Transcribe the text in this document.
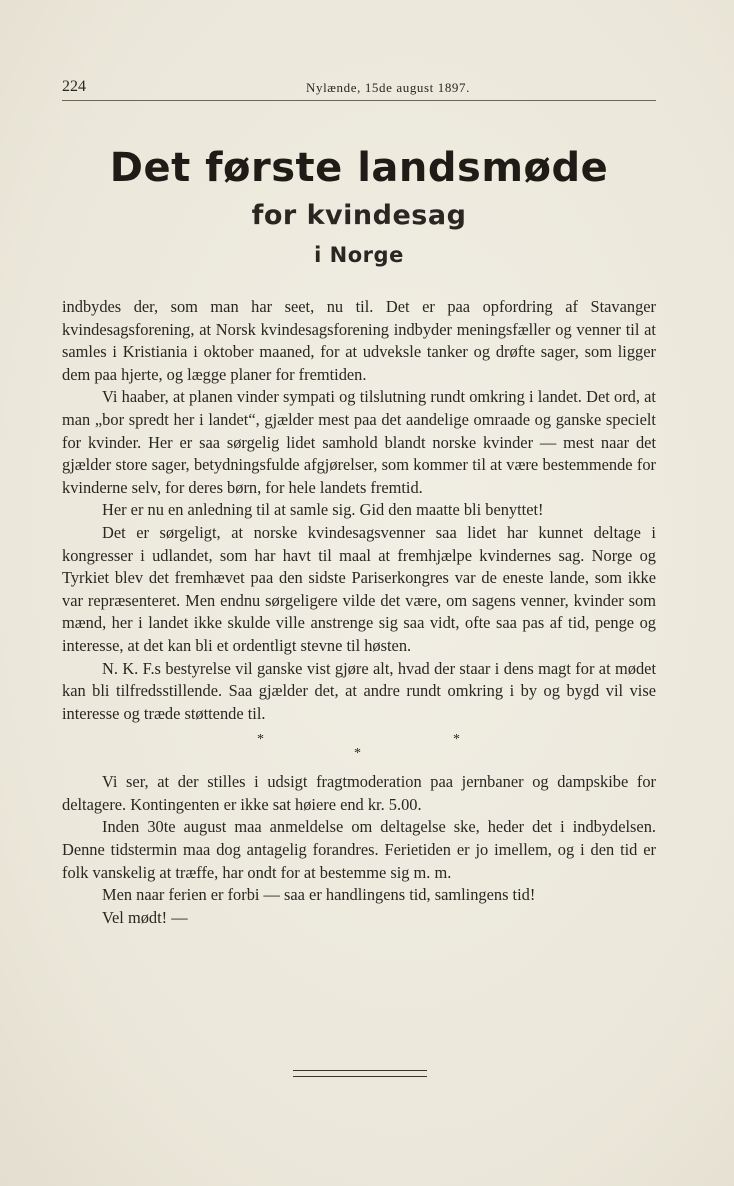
224	Nylænde, 15de august 1897.
Det første landsmøde
for kvindesag
i Norge

indbydes der, som man har seet, nu til. Det er paa opfordring af Stavanger kvindesagsforening, at Norsk kvindesagsforening indbyder meningsfæller og venner til at samles i Kristiania i oktober maaned, for at udveksle tanker og drøfte sager, som ligger dem paa hjerte, og lægge planer for fremtiden.

Vi haaber, at planen vinder sympati og tilslutning rundt omkring i landet. Det ord, at man „bor spredt her i landet“, gjælder mest paa det aandelige omraade og ganske specielt for kvinder. Her er saa sørgelig lidet samhold blandt norske kvinder — mest naar det gjælder store sager, betydningsfulde afgjørelser, som kommer til at være bestemmende for kvinderne selv, for deres børn, for hele landets fremtid.

Her er nu en anledning til at samle sig. Gid den maatte bli benyttet!

Det er sørgeligt, at norske kvindesagsvenner saa lidet har kunnet deltage i kongresser i udlandet, som har havt til maal at fremhjælpe kvindernes sag. Norge og Tyrkiet blev det fremhævet paa den sidste Pariserkongres var de eneste lande, som ikke var repræsenteret. Men endnu sørgeligere vilde det være, om sagens venner, kvinder som mænd, her i landet ikke skulde ville anstrenge sig saa vidt, ofte saa pas af tid, penge og interesse, at det kan bli et ordentligt stevne til høsten.

N. K. F.s bestyrelse vil ganske vist gjøre alt, hvad der staar i dens magt for at mødet kan bli tilfredsstillende. Saa gjælder det, at andre rundt omkring i by og bygd vil vise interesse og træde støttende til.

*
*
*

Vi ser, at der stilles i udsigt fragtmoderation paa jernbaner og dampskibe for deltagere. Kontingenten er ikke sat høiere end kr. 5.00.

Inden 30te august maa anmeldelse om deltagelse ske, heder det i indbydelsen. Denne tidstermin maa dog antagelig forandres. Ferietiden er jo imellem, og i den tid er folk vanskelig at træffe, har ondt for at bestemme sig m. m.

Men naar ferien er forbi — saa er handlingens tid, samlingens tid!

Vel mødt! —
